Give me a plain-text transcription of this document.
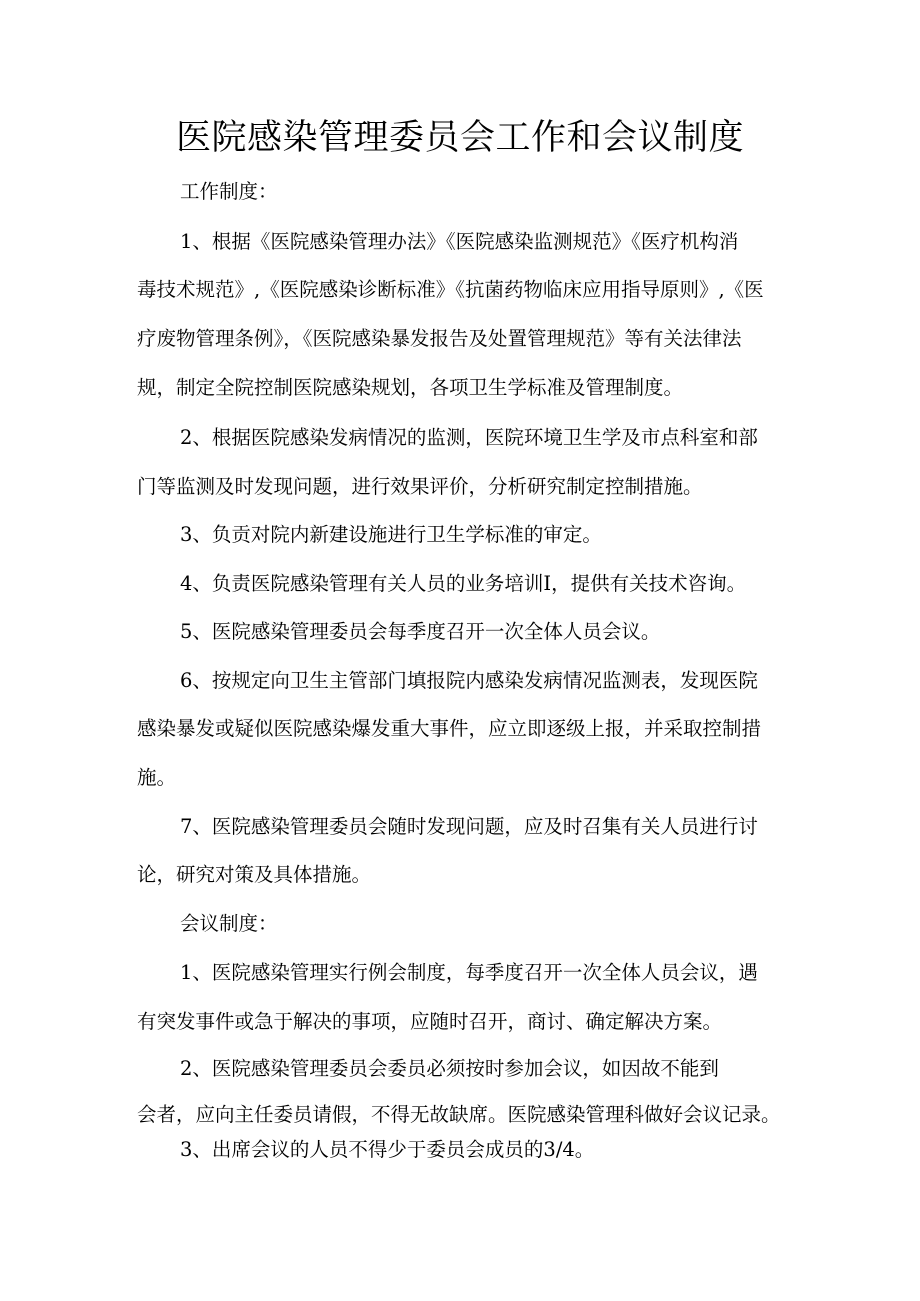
医院感染管理委员会工作和会议制度
工作制度：
1、根据《医院感染管理办法》《医院感染监测规范》《医疗机构消
毒技术规范》,《医院感染诊断标准》《抗菌药物临床应用指导原则》,《医
疗废物管理条例》，《医院感染暴发报告及处置管理规范》等有关法律法
规，制定全院控制医院感染规划，各项卫生学标准及管理制度。
2、根据医院感染发病情况的监测，医院环境卫生学及市点科室和部
门等监测及时发现问题，进行效果评价，分析研究制定控制措施。
3、负贡对院内新建设施进行卫生学标准的审定。
4、负责医院感染管理有关人员的业务培训I，提供有关技术咨询。
5、医院感染管理委员会每季度召开一次全体人员会议。
6、按规定向卫生主管部门填报院内感染发病情况监测表，发现医院
感染暴发或疑似医院感染爆发重大事件，应立即逐级上报，并采取控制措
施。
7、医院感染管理委员会随时发现问题，应及时召集有关人员进行讨
论，研究对策及具体措施。
会议制度：
1、医院感染管理实行例会制度，每季度召开一次全体人员会议，遇
有突发事件或急于解决的事项，应随时召开，商讨、确定解决方案。
2、医院感染管理委员会委员必须按时参加会议，如因故不能到
会者，应向主任委员请假，不得无故缺席。医院感染管理科做好会议记录。
3、出席会议的人员不得少于委员会成员的3/4。
